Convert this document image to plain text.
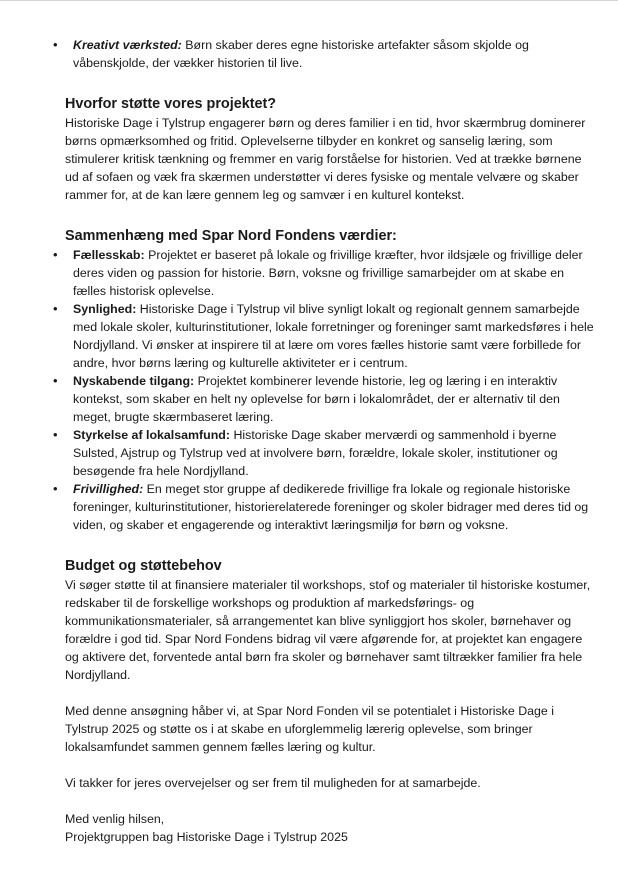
• Kreativt værksted: Børn skaber deres egne historiske artefakter såsom skjolde og våbenskjolde, der vækker historien til live.
Hvorfor støtte vores projektet?

Historiske Dage i Tylstrup engagerer børn og deres familier i en tid, hvor skærmbrug dominerer børns opmærksomhed og fritid. Oplevelserne tilbyder en konkret og sanselig læring, som stimulerer kritisk tænkning og fremmer en varig forståelse for historien. Ved at trække børnene ud af sofaen og væk fra skærmen understøtter vi deres fysiske og mentale velvære og skaber rammer for, at de kan lære gennem leg og samvær i en kulturel kontekst.

Sammenhæng med Spar Nord Fondens værdier:
• Fællesskab: Projektet er baseret på lokale og frivillige kræfter, hvor ildsjæle og frivillige deler deres viden og passion for historie. Børn, voksne og frivillige samarbejder om at skabe en fælles historisk oplevelse.
• Synlighed: Historiske Dage i Tylstrup vil blive synligt lokalt og regionalt gennem samarbejde med lokale skoler, kulturinstitutioner, lokale forretninger og foreninger samt markedsføres i hele Nordjylland. Vi ønsker at inspirere til at lære om vores fælles historie samt være forbillede for andre, hvor børns læring og kulturelle aktiviteter er i centrum.
• Nyskabende tilgang: Projektet kombinerer levende historie, leg og læring i en interaktiv kontekst, som skaber en helt ny oplevelse for børn i lokalområdet, der er alternativ til den meget, brugte skærmbaseret læring.
• Styrkelse af lokalsamfund: Historiske Dage skaber merværdi og sammenhold i byerne Sulsted, Ajstrup og Tylstrup ved at involvere børn, forældre, lokale skoler, institutioner og besøgende fra hele Nordjylland.
• Frivillighed: En meget stor gruppe af dedikerede frivillige fra lokale og regionale historiske foreninger, kulturinstitutioner, historierelaterede foreninger og skoler bidrager med deres tid og viden, og skaber et engagerende og interaktivt læringsmiljø for børn og voksne.
Budget og støttebehov

Vi søger støtte til at finansiere materialer til workshops, stof og materialer til historiske kostumer, redskaber til de forskellige workshops og produktion af markedsførings- og kommunikationsmaterialer, så arrangementet kan blive synliggjort hos skoler, børnehaver og forældre i god tid. Spar Nord Fondens bidrag vil være afgørende for, at projektet kan engagere og aktivere det, forventede antal børn fra skoler og børnehaver samt tiltrækker familier fra hele Nordjylland.

Med denne ansøgning håber vi, at Spar Nord Fonden vil se potentialet i Historiske Dage i Tylstrup 2025 og støtte os i at skabe en uforglemmelig lærerig oplevelse, som bringer lokalsamfundet sammen gennem fælles læring og kultur.

Vi takker for jeres overvejelser og ser frem til muligheden for at samarbejde.

Med venlig hilsen,

Projektgruppen bag Historiske Dage i Tylstrup 2025
